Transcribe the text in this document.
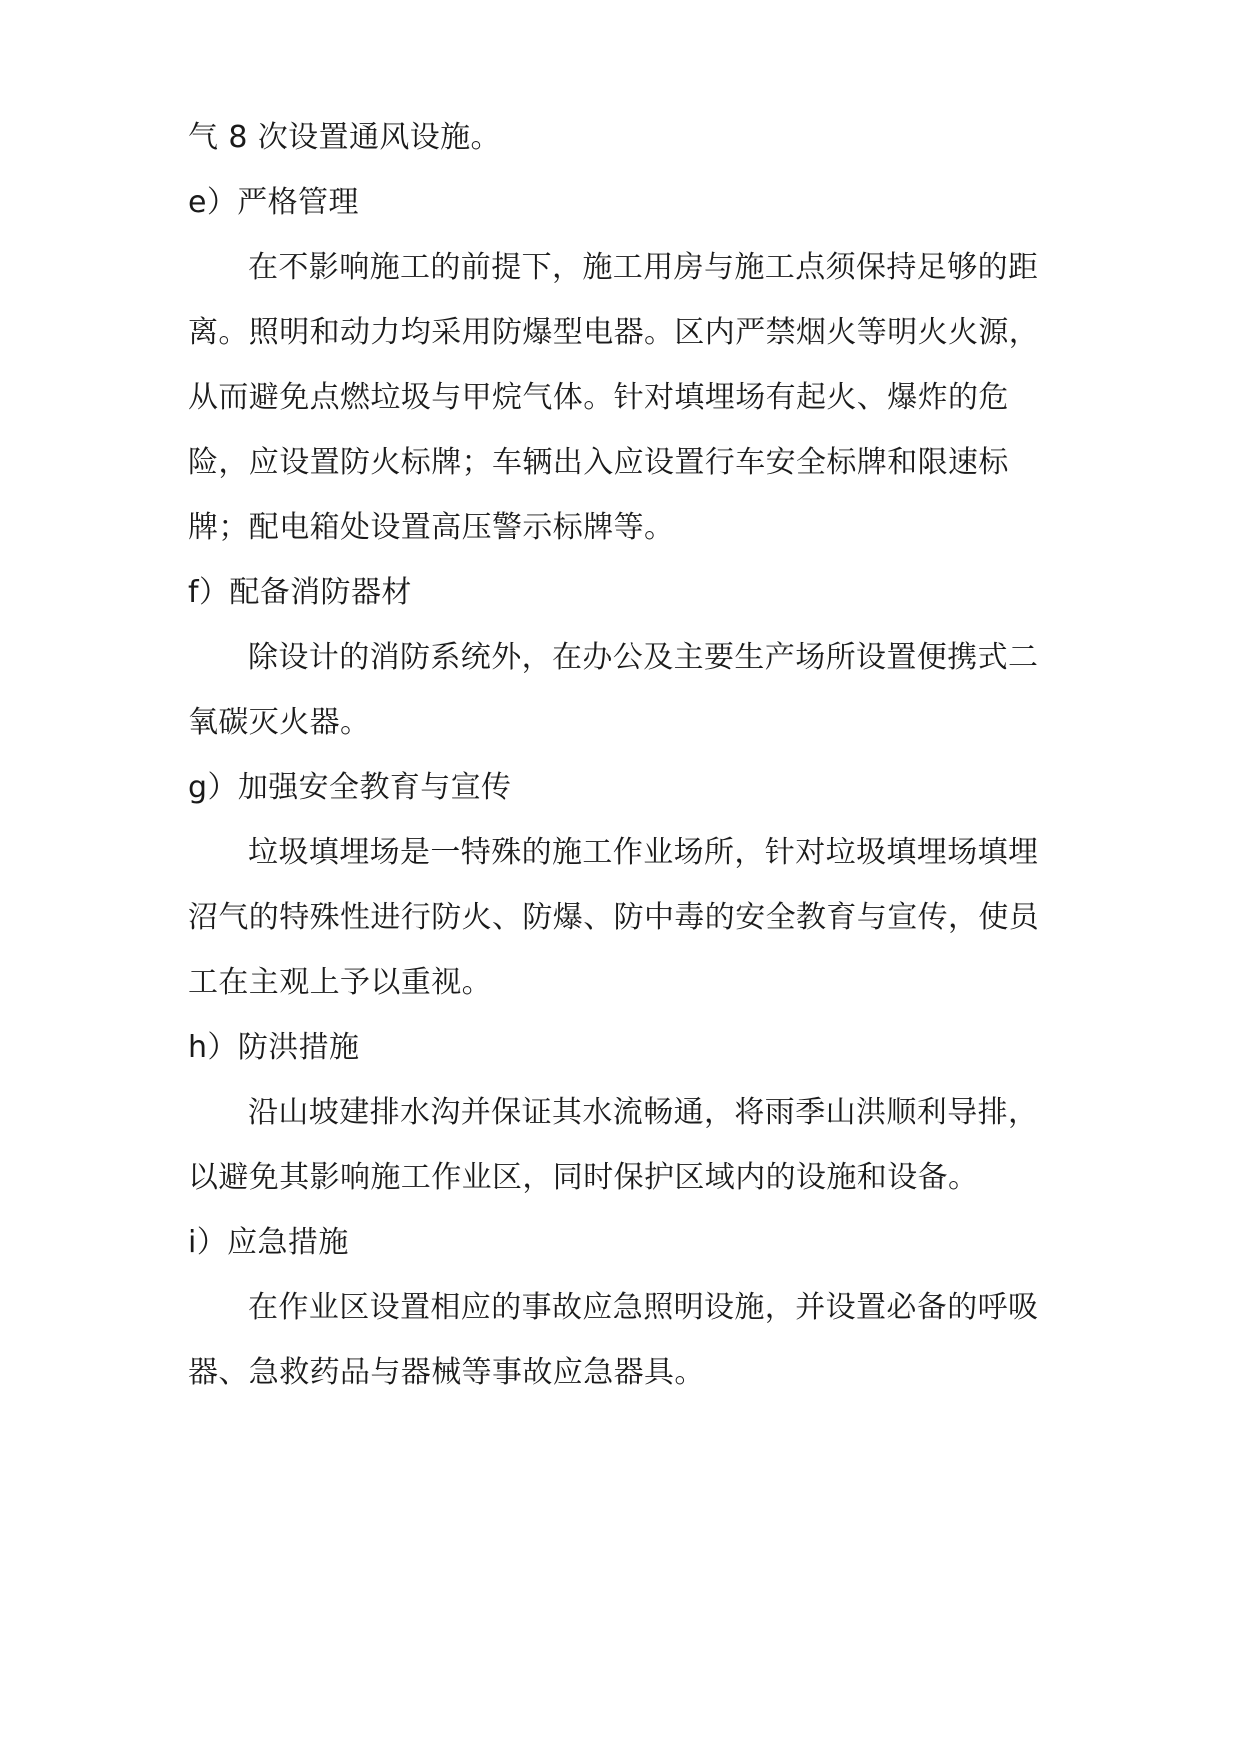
气 8 次设置通风设施。

e）严格管理

在不影响施工的前提下，施工用房与施工点须保持足够的距离。照明和动力均采用防爆型电器。区内严禁烟火等明火火源，从而避免点燃垃圾与甲烷气体。针对填埋场有起火、爆炸的危险，应设置防火标牌；车辆出入应设置行车安全标牌和限速标牌；配电箱处设置高压警示标牌等。

f）配备消防器材

除设计的消防系统外，在办公及主要生产场所设置便携式二氧碳灭火器。

g）加强安全教育与宣传

垃圾填埋场是一特殊的施工作业场所，针对垃圾填埋场填埋沼气的特殊性进行防火、防爆、防中毒的安全教育与宣传，使员工在主观上予以重视。

h）防洪措施

沿山坡建排水沟并保证其水流畅通，将雨季山洪顺利导排，以避免其影响施工作业区，同时保护区域内的设施和设备。

i）应急措施

在作业区设置相应的事故应急照明设施，并设置必备的呼吸器、急救药品与器械等事故应急器具。
